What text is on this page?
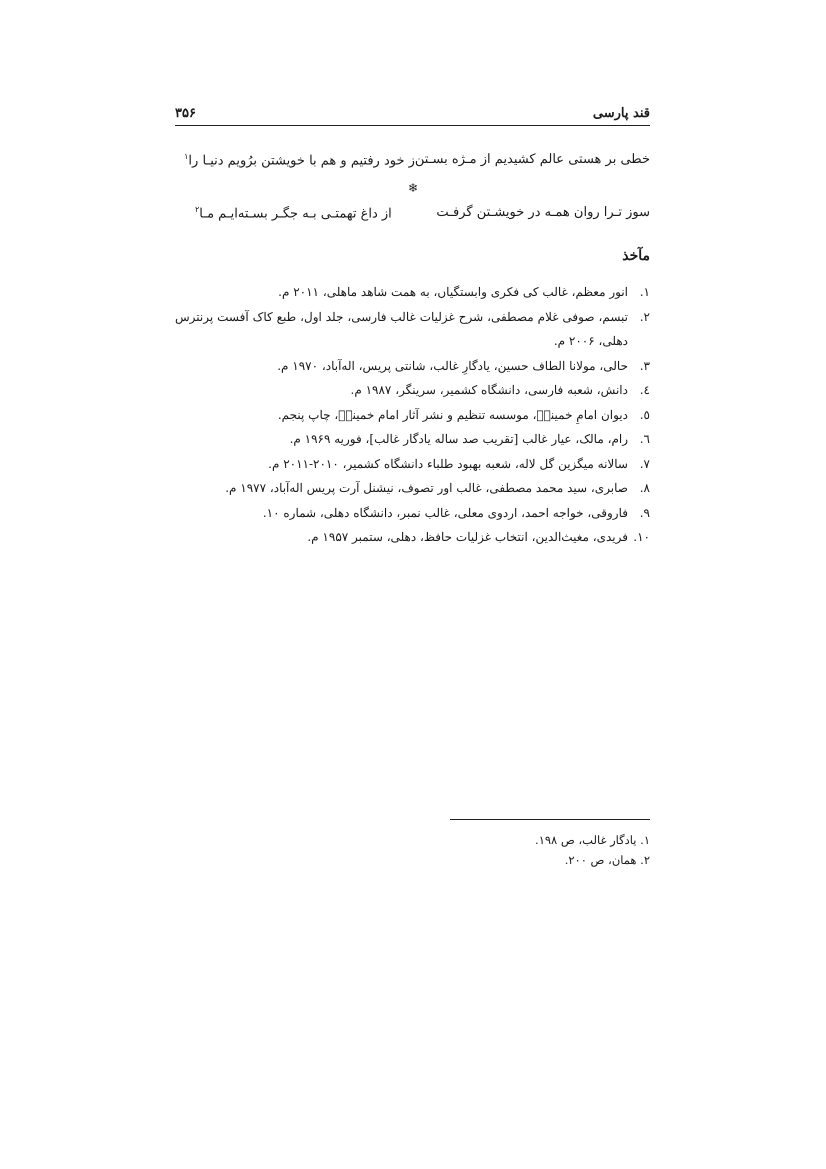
قند پارسی
۳۵۶
خطی بر هستی عالم کشیدیم از مـژه بسـتن
ز خود رفتیم و هم با خویشتن برُویم دنیـا را$^۱$
❄
سوز تـرا روان همـه در خویشـتن گرفـت
از داغ تهمتـی بـه جگـر بسـته‌ایـم مـا$^۲$
مآخذ
۱.
انور معظم، غالب کی فکری وابستگیاں، به همت شاهد ماهلی، ۲۰۱۱ م.
۲.
تبسم، صوفی غلام مصطفی، شرح غزلیات غالب فارسی، جلد اول، طبع کاک آفست پرنترس دهلی، ۲۰۰۶ م.
۳.
حالی، مولانا الطاف حسین، یادگارِ غالب، شانتی پریس، اله‌آباد، ۱۹۷۰ م.
٤.
دانش، شعبه فارسی، دانشگاه کشمیر، سرینگر، ۱۹۸۷ م.
٥.
دیوان امامِ خمینیؒ، موسسه تنظیم و نشر آثار امام خمینیؒ، چاپ پنجم.
٦.
رام، مالک، عیار غالب [تقریب صد ساله یادگار غالب]، فوریه ۱۹۶۹ م.
۷.
سالانه میگزین گل لاله، شعبه بهبود طلباء دانشگاه کشمیر، ۲۰۱۰-۲۰۱۱ م.
۸.
صابری، سید محمد مصطفی، غالب اور تصوف، نیشنل آرت پریس اله‌آباد، ۱۹۷۷ م.
۹.
فاروقی، خواجه احمد، اردوی معلی، غالب نمبر، دانشگاه دهلی، شماره ۱۰.
۱۰.
فریدی، مغیث‌الدین، انتخاب غزلیات حافظ، دهلی، ستمبر ۱۹۵۷ م.
۱. یادگار غالب، ص ۱۹۸.
۲. همان، ص ۲۰۰.
